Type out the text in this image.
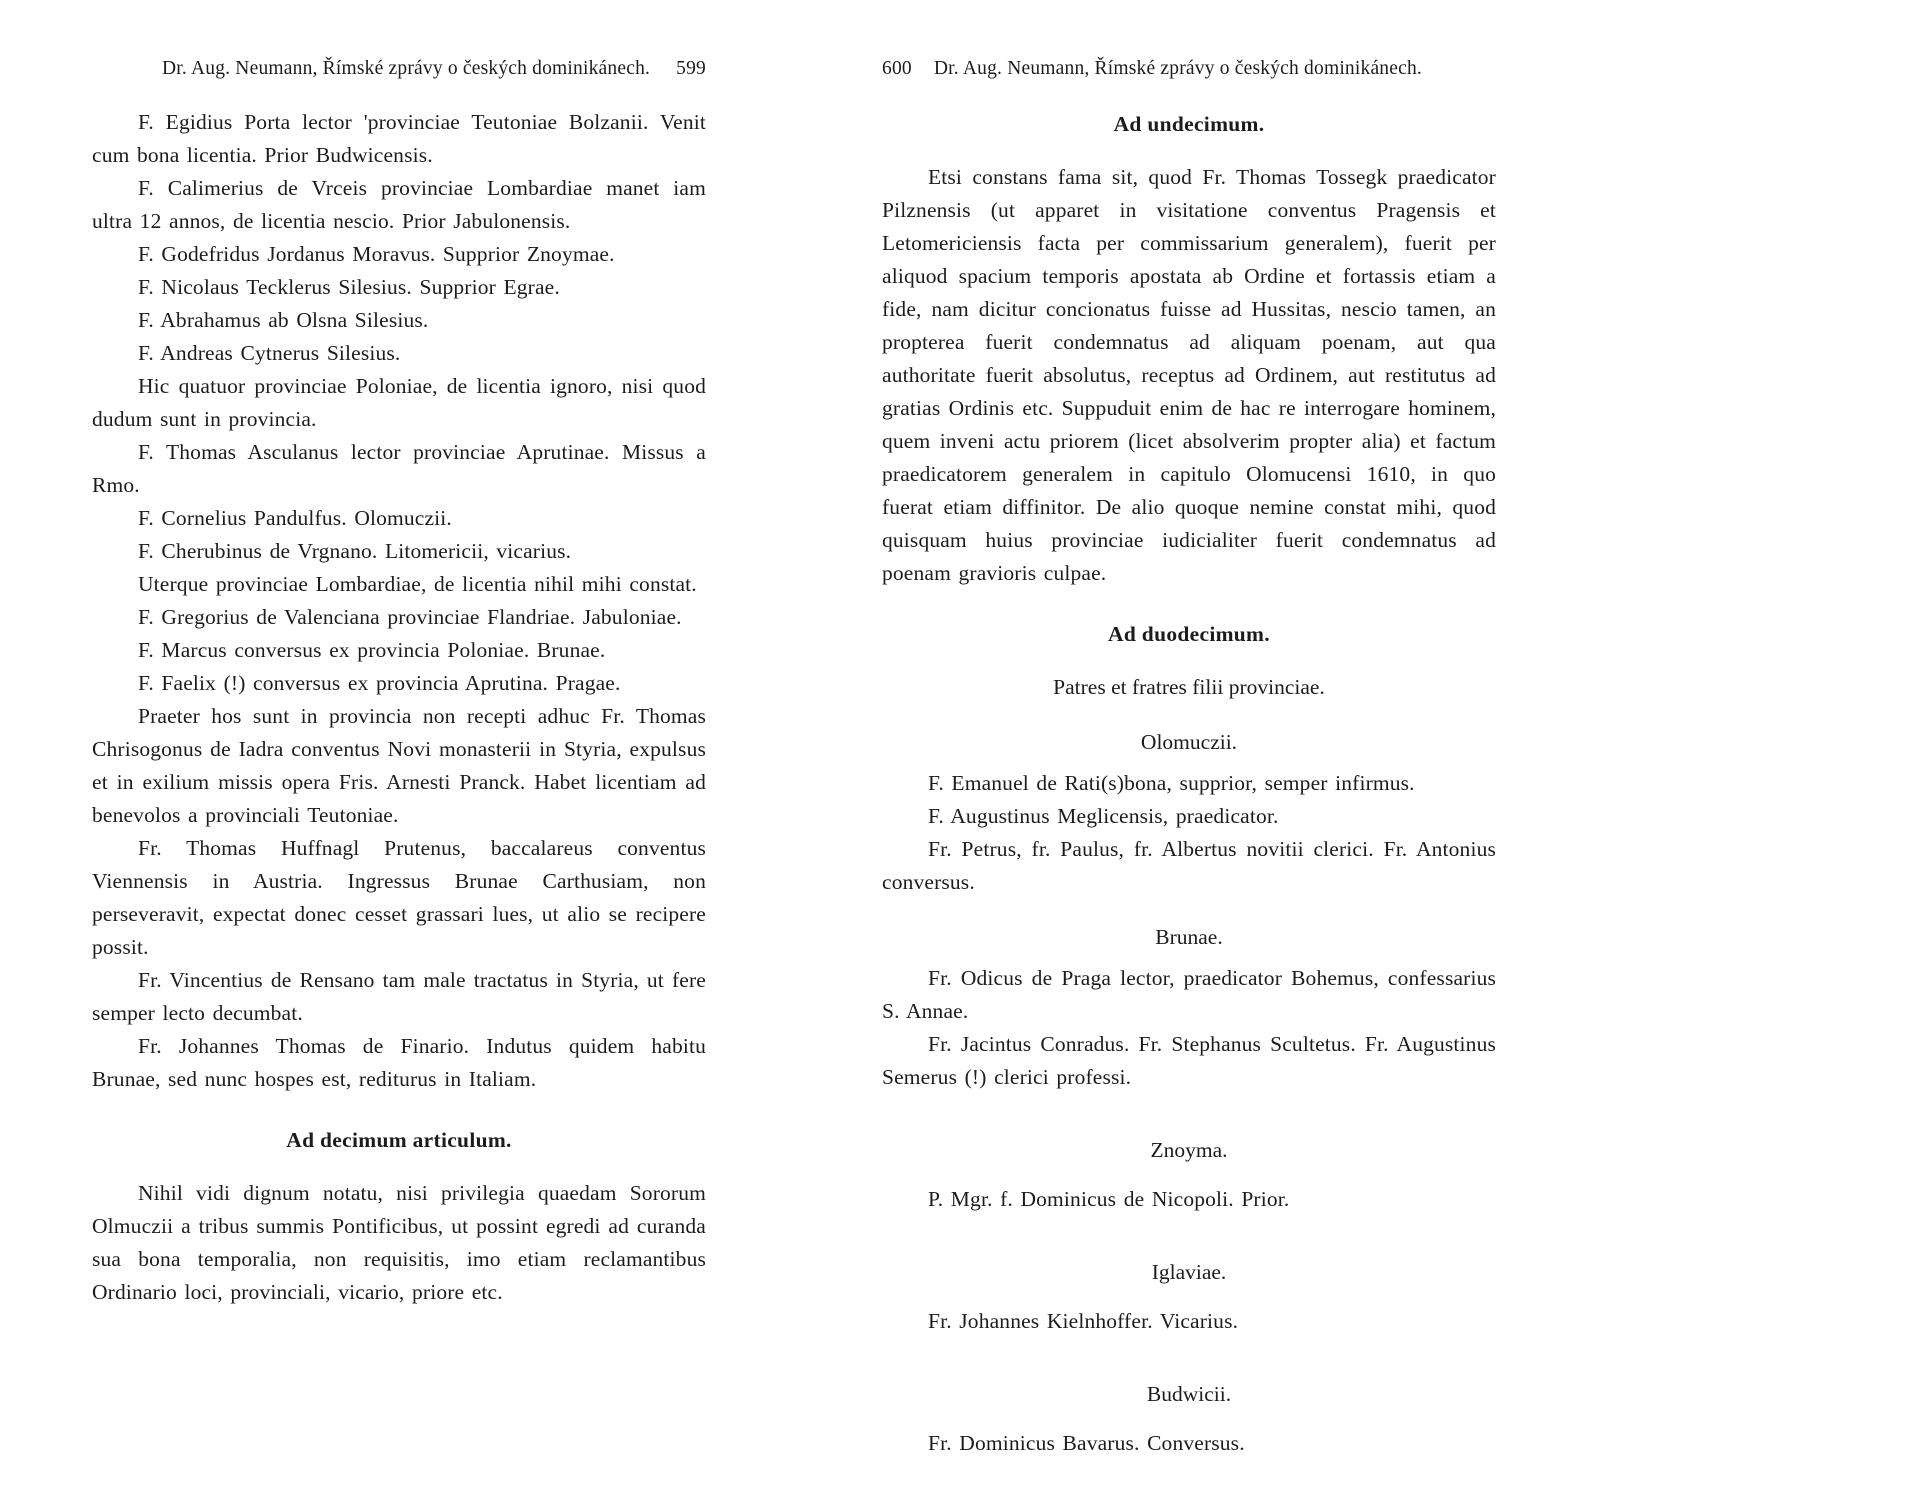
Dr. Aug. Neumann, Římské zprávy o českých dominikánech. 599

F. Egidius Porta lector 'provinciae Teutoniae Bolzanii. Venit cum bona licentia. Prior Budwicensis.

F. Calimerius de Vrceis provinciae Lombardiae manet iam ultra 12 annos, de licentia nescio. Prior Jabulonensis.

F. Godefridus Jordanus Moravus. Supprior Znoymae.

F. Nicolaus Tecklerus Silesius. Supprior Egrae.

F. Abrahamus ab Olsna Silesius.

F. Andreas Cytnerus Silesius.

Hic quatuor provinciae Poloniae, de licentia ignoro, nisi quod dudum sunt in provincia.

F. Thomas Asculanus lector provinciae Aprutinae. Missus a Rmo.

F. Cornelius Pandulfus. Olomuczii.

F. Cherubinus de Vrgnano. Litomericii, vicarius.

Uterque provinciae Lombardiae, de licentia nihil mihi constat.

F. Gregorius de Valenciana provinciae Flandriae. Jabuloniae.

F. Marcus conversus ex provincia Poloniae. Brunae.

F. Faelix (!) conversus ex provincia Aprutina. Pragae.

Praeter hos sunt in provincia non recepti adhuc Fr. Thomas Chrisogonus de Iadra conventus Novi monasterii in Styria, expulsus et in exilium missis opera Fris. Arnesti Pranck. Habet licentiam ad benevolos a provinciali Teutoniae.

Fr. Thomas Huffnagl Prutenus, baccalareus conventus Viennensis in Austria. Ingressus Brunae Carthusiam, non perseveravit, expectat donec cesset grassari lues, ut alio se recipere possit.

Fr. Vincentius de Rensano tam male tractatus in Styria, ut fere semper lecto decumbat.

Fr. Johannes Thomas de Finario. Indutus quidem habitu Brunae, sed nunc hospes est, rediturus in Italiam.

Ad decimum articulum.

Nihil vidi dignum notatu, nisi privilegia quaedam Sororum Olmuczii a tribus summis Pontificibus, ut possint egredi ad curanda sua bona temporalia, non requisitis, imo etiam reclamantibus Ordinario loci, provinciali, vicario, priore etc.

600 Dr. Aug. Neumann, Římské zprávy o českých dominikánech.
Ad undecimum.

Etsi constans fama sit, quod Fr. Thomas Tossegk praedicator Pilznensis (ut apparet in visitatione conventus Pragensis et Letomericiensis facta per commissarium generalem), fuerit per aliquod spacium temporis apostata ab Ordine et fortassis etiam a fide, nam dicitur concionatus fuisse ad Hussitas, nescio tamen, an propterea fuerit condemnatus ad aliquam poenam, aut qua authoritate fuerit absolutus, receptus ad Ordinem, aut restitutus ad gratias Ordinis etc. Suppuduit enim de hac re interrogare hominem, quem inveni actu priorem (licet absolverim propter alia) et factum praedicatorem generalem in capitulo Olomucensi 1610, in quo fuerat etiam diffinitor. De alio quoque nemine constat mihi, quod quisquam huius provinciae iudicialiter fuerit condemnatus ad poenam gravioris culpae.

Ad duodecimum.

Patres et fratres filii provinciae.

Olomuczii.

F. Emanuel de Rati(s)bona, supprior, semper infirmus.

F. Augustinus Meglicensis, praedicator.

Fr. Petrus, fr. Paulus, fr. Albertus novitii clerici. Fr. Antonius conversus.

Brunae.

Fr. Odicus de Praga lector, praedicator Bohemus, confessarius S. Annae.

Fr. Jacintus Conradus. Fr. Stephanus Scultetus. Fr. Augustinus Semerus (!) clerici professi.

Znoyma.

P. Mgr. f. Dominicus de Nicopoli. Prior.

Iglaviae.

Fr. Johannes Kielnhoffer. Vicarius.

Budwicii.

Fr. Dominicus Bavarus. Conversus.
